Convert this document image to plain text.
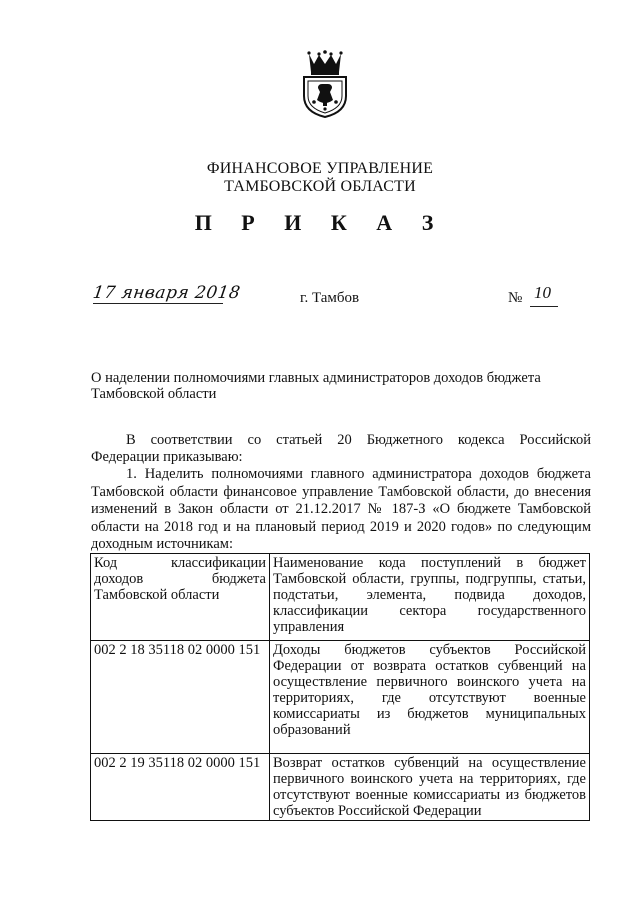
ФИНАНСОВОЕ УПРАВЛЕНИЕ
ТАМБОВСКОЙ ОБЛАСТИ
П Р И К А З
17 января 2018	г. Тамбов	№ 10
О наделении полномочиями главных администраторов доходов бюджета Тамбовской области
В соответствии со статьей 20 Бюджетного кодекса Российской
Федерации приказываю:
1. Наделить полномочиями главного администратора доходов бюджета Тамбовской области финансовое управление Тамбовской области, до внесения изменений в Закон области от 21.12.2017 № 187-З «О бюджете Тамбовской области на 2018 год и на плановый период 2019 и 2020 годов» по следующим доходным источникам:
Код классификации доходов бюджета Тамбовской области	Наименование кода поступлений в бюджет Тамбовской области, группы, подгруппы, статьи, подстатьи, элемента, подвида доходов, классификации сектора государственного управления
002 2 18 35118 02 0000 151	Доходы бюджетов субъектов Российской Федерации от возврата остатков субвенций на осуществление первичного воинского учета на территориях, где отсутствуют военные комиссариаты из бюджетов муниципальных образований
002 2 19 35118 02 0000 151	Возврат остатков субвенций на осуществление первичного воинского учета на территориях, где отсутствуют военные комиссариаты из бюджетов субъектов Российской Федерации
